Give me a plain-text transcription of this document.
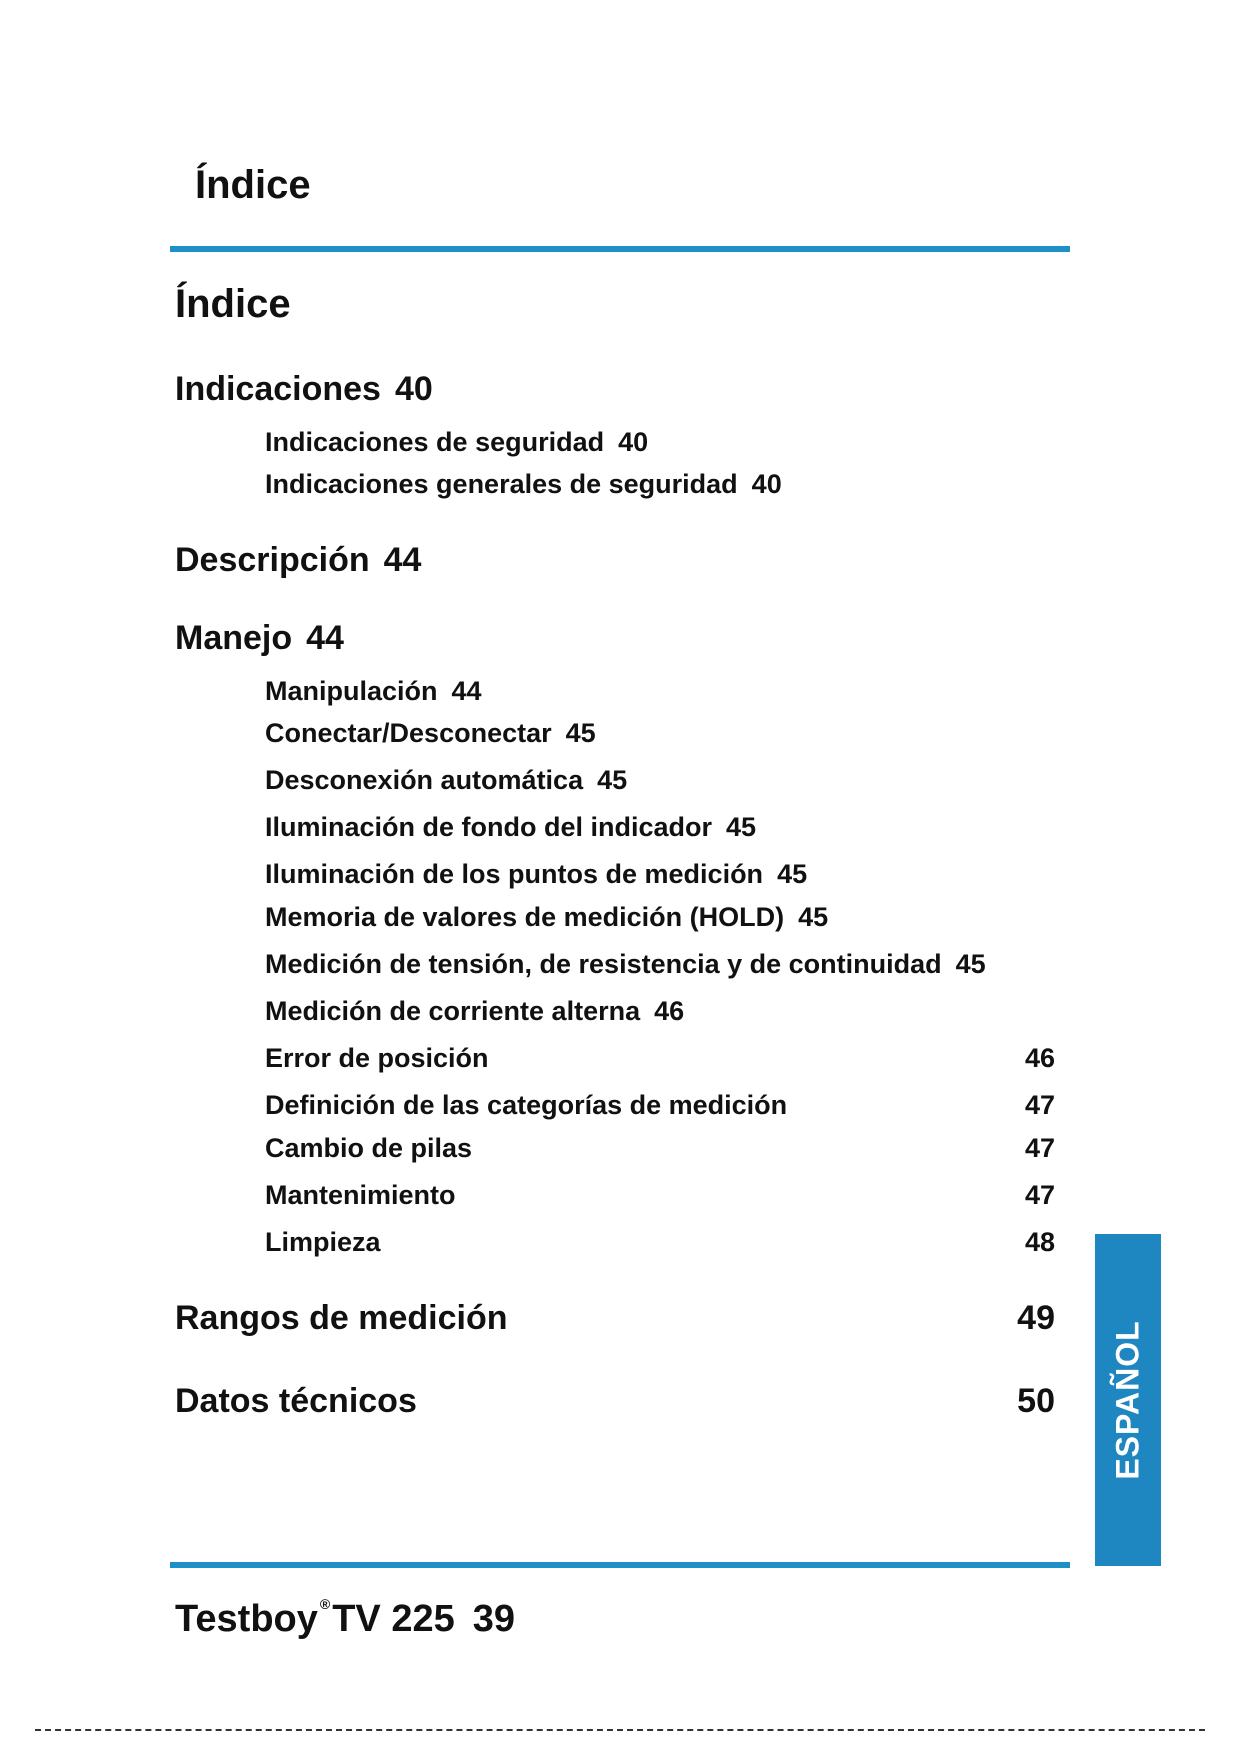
Índice
Índice
Indicaciones 40
Indicaciones de seguridad 40
Indicaciones generales de seguridad 40
Descripción 44
Manejo 44
Manipulación 44
Conectar/Desconectar 45
Desconexión automática 45
Iluminación de fondo del indicador 45
Iluminación de los puntos de medición 45
Memoria de valores de medición (HOLD) 45
Medición de tensión, de resistencia y de continuidad 45
Medición de corriente alterna 46
Error de posición	46
Definición de las categorías de medición	47
Cambio de pilas	47
Mantenimiento	47
Limpieza	48
Rangos de medición	49
Datos técnicos	50 ESPAÑOL
Testboy ®TV 225 39
